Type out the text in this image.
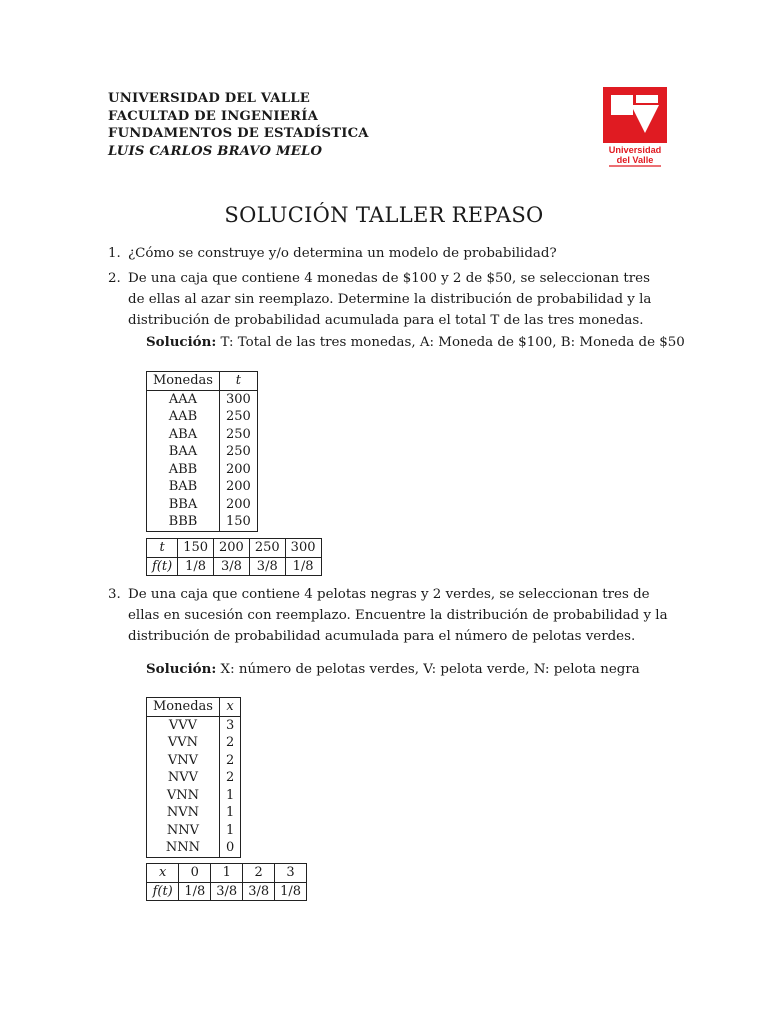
UNIVERSIDAD DEL VALLE
FACULTAD DE INGENIERÍA
FUNDAMENTOS DE ESTADÍSTICA
LUIS CARLOS BRAVO MELO	Universidad
del Valle
SOLUCIÓN TALLER REPASO
1. ¿Cómo se construye y/o determina un modelo de probabilidad?
2. De una caja que contiene 4 monedas de $100 y 2 de $50, se seleccionan tres de ellas al azar sin reemplazo. Determine la distribución de probabilidad y la distribución de probabilidad acumulada para el total T de las tres monedas.
Solución: T: Total de las tres monedas, A: Moneda de $100, B: Moneda de $50
Monedas	t
AAA	300
AAB	250
ABA	250
BAA	250
ABB	200
BAB	200
BBA	200
BBB	150
t	150	200	250	300
f(t)	1/8	3/8	3/8	1/8
3. De una caja que contiene 4 pelotas negras y 2 verdes, se seleccionan tres de ellas en sucesión con reemplazo. Encuentre la distribución de probabilidad y la distribución de probabilidad acumulada para el número de pelotas verdes.
Solución: X: número de pelotas verdes, V: pelota verde, N: pelota negra
Monedas	x
VVV	3
VVN	2
VNV	2
NVV	2
VNN	1
NVN	1
NNV	1
NNN	0
x	0	1	2	3
f(t)	1/8	3/8	3/8	1/8
